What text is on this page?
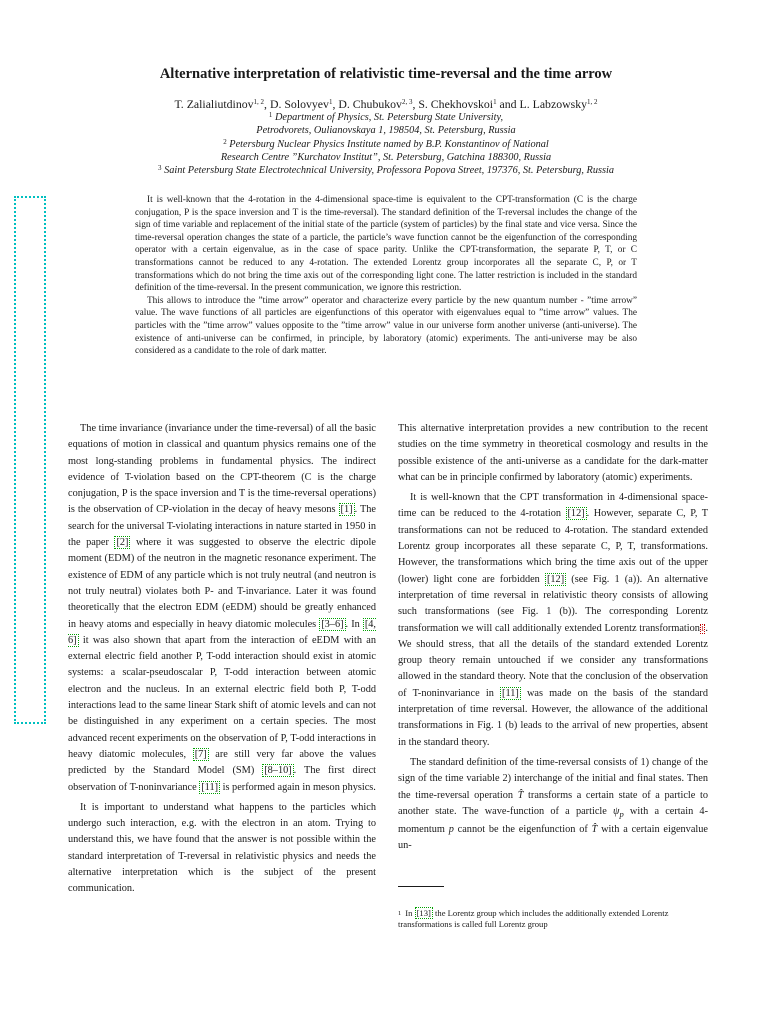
Alternative interpretation of relativistic time-reversal and the time arrow
T. Zalialiutdinov$^{1, 2}$, D. Solovyev$^1$, D. Chubukov$^{2, 3}$, S. Chekhovskoi$^1$ and L. Labzowsky$^{1, 2}$
$^1$ Department of Physics, St. Petersburg State University,
Petrodvorets, Oulianovskaya 1, 198504, St. Petersburg, Russia
$^2$ Petersburg Nuclear Physics Institute named by B.P. Konstantinov of National
Research Centre ”Kurchatov Institut”, St. Petersburg, Gatchina 188300, Russia
$^3$ Saint Petersburg State Electrotechnical University, Professora Popova Street, 197376, St. Petersburg, Russia

It is well-known that the 4-rotation in the 4-dimensional space-time is equivalent to the CPT-transformation (C is the charge conjugation, P is the space inversion and T is the time-reversal). The standard definition of the T-reversal includes the change of the sign of time variable and replacement of the initial state of the particle (system of particles) by the final state and vice versa. Since the time-reversal operation changes the state of a particle, the particle’s wave function cannot be the eigenfunction of the corresponding operator with a certain eigenvalue, as in the case of space parity. Unlike the CPT-transformation, the separate P, T, or C transformations cannot be reduced to any 4-rotation. The extended Lorentz group incorporates all the separate C, P, or T transformations which do not bring the time axis out of the corresponding light cone. The latter restriction is included in the standard definition of the time-reversal. In the present communication, we ignore this restriction.

This allows to introduce the ”time arrow” operator and characterize every particle by the new quantum number - ”time arrow” value. The wave functions of all particles are eigenfunctions of this operator with eigenvalues equal to ”time arrow” values. The particles with the ”time arrow” values opposite to the ”time arrow” value in our universe form another universe (anti-universe). The existence of anti-universe can be confirmed, in principle, by laboratory (atomic) experiments. The anti-universe may be also considered as a candidate to the role of dark matter.

The time invariance (invariance under the time-reversal) of all the basic equations of motion in classical and quantum physics remains one of the most long-standing problems in fundamental physics. The indirect evidence of T-violation based on the CPT-theorem (C is the charge conjugation, P is the space inversion and T is the time-reversal operations) is the observation of CP-violation in the decay of heavy mesons [1] . The search for the universal T-violating interactions in nature started in 1950 in the paper [2] where it was suggested to observe the electric dipole moment (EDM) of the neutron in the magnetic resonance experiment. The existence of EDM of any particle which is not truly neutral (and neutron is not truly neutral) violates both P- and T-invariance. Later it was found theoretically that the electron EDM (eEDM) should be greatly enhanced in heavy atoms and especially in heavy diatomic molecules [3–6] . In [4, 6] it was also shown that apart from the interaction of eEDM with an external electric field another P, T-odd interaction should exist in atomic systems: a scalar-pseudoscalar P, T-odd interaction between atomic electron and the nucleus. In an external electric field both P, T-odd interactions lead to the same linear Stark shift of atomic levels and can not be distinguished in any experiment on a certain species. The most advanced recent experiments on the observation of P, T-odd interactions in heavy diatomic molecules, [7] are still very far above the values predicted by the Standard Model (SM) [8–10] . The first direct observation of T-noninvariance [11] is performed again in meson physics.

It is important to understand what happens to the particles which undergo such interaction, e.g. with the electron in an atom. Trying to understand this, we have found that the answer is not possible within the standard interpretation of T-reversal in relativistic physics and needs the alternative interpretation which is the subject of the present communication.

This alternative interpretation provides a new contribution to the recent studies on the time symmetry in theoretical cosmology and results in the possible existence of the anti-universe as a candidate for the dark-matter what can be in principle confirmed by laboratory (atomic) experiments.

It is well-known that the CPT transformation in 4-dimensional space-time can be reduced to the 4-rotation [12] . However, separate C, P, T transformations can not be reduced to 4-rotation. The standard extended Lorentz group incorporates all these separate C, P, T, transformations. However, the transformations which bring the time axis out of the upper (lower) light cone are forbidden [12] (see Fig. 1 (a)). An alternative interpretation of time reversal in relativistic theory consists of allowing such transformations (see Fig. 1 (b)). The corresponding Lorentz transformation we will call additionally extended Lorentz transformation$^1$. We should stress, that all the details of the standard extended Lorentz group theory remain untouched if we consider any transformations allowed in the standard theory. Note that the conclusion of the observation of T-noninvariance in [11] was made on the basis of the standard interpretation of time reversal. However, the allowance of the additional transformations in Fig. 1 (b) leads to the arrival of new properties, absent in the standard theory.

The standard definition of the time-reversal consists of 1) change of the sign of the time variable 2) interchange of the initial and final states. Then the time-reversal operation T̂ transforms a certain state of a particle to another state. The wave-function of a particle $\psi_p$ with a certain 4-momentum p cannot be the eigenfunction of T̂ with a certain eigenvalue un-

$^1$ In [13] the Lorentz group which includes the additionally extended Lorentz transformations is called full Lorentz group
